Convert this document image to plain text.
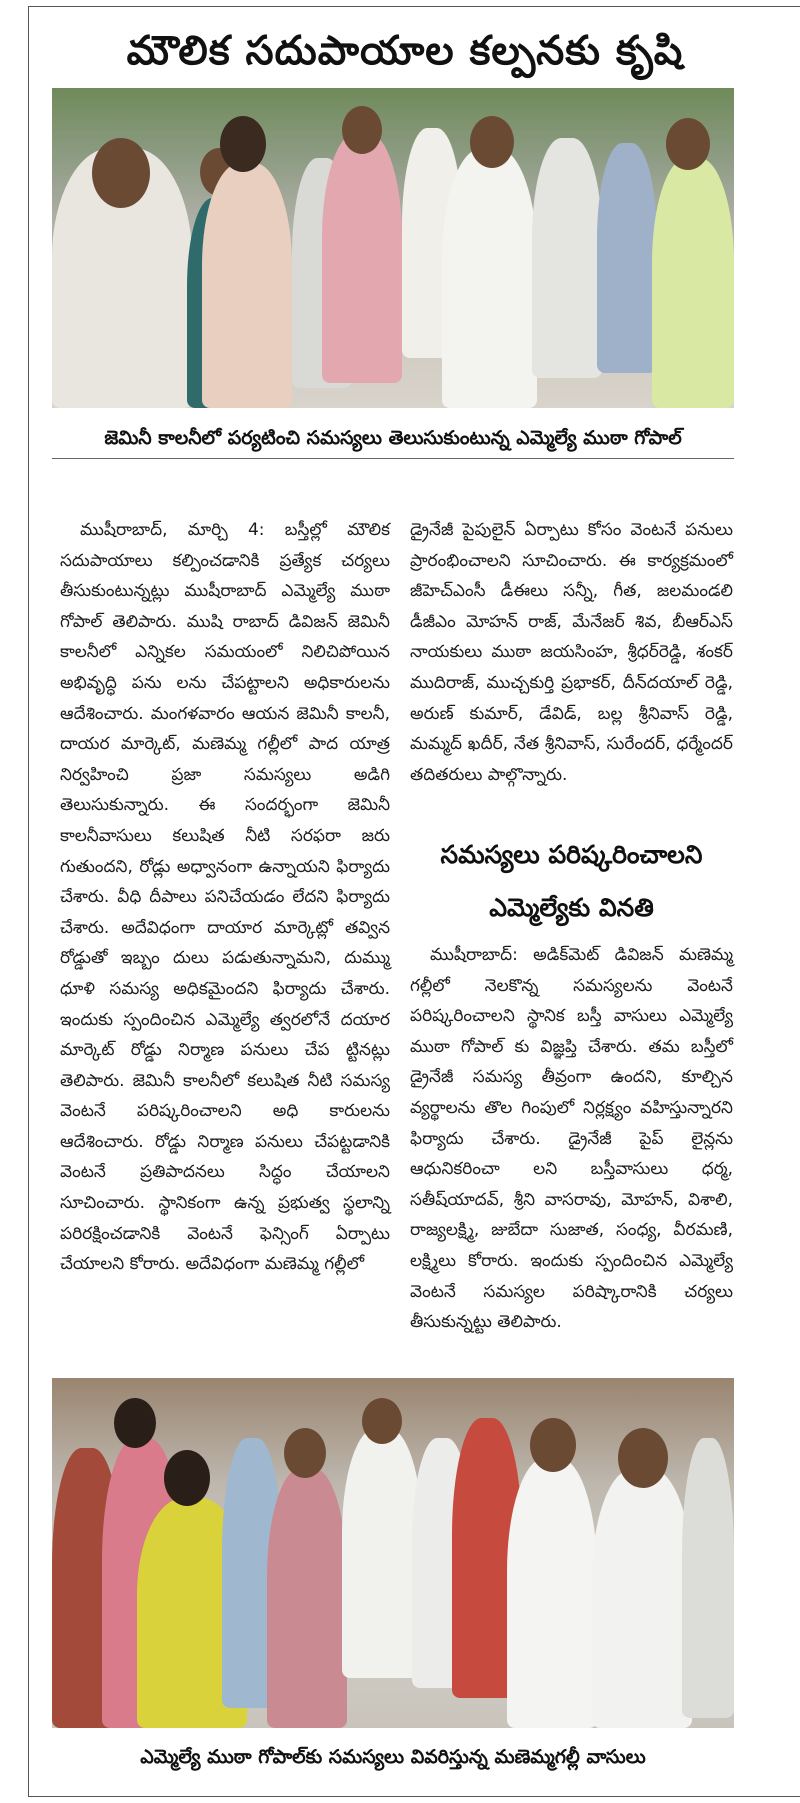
మౌలిక సదుపాయాల కల్పనకు కృషి
జెమినీ కాలనీలో పర్యటించి సమస్యలు తెలుసుకుంటున్న ఎమ్మెల్యే ముఠా గోపాల్

ముషీరాబాద్, మార్చి 4: బస్తీల్లో మౌలిక సదుపాయాలు కల్పించడానికి ప్రత్యేక చర్యలు తీసుకుంటున్నట్లు ముషీరాబాద్ ఎమ్మెల్యే ముఠా గోపాల్ తెలిపారు. ముషి రాబాద్ డివిజన్ జెమినీ కాలనీలో ఎన్నికల సమయంలో నిలిచిపోయిన అభివృద్ధి పను లను చేపట్టాలని అధికారులను ఆదేశించారు. మంగళవారం ఆయన జెమినీ కాలనీ, దాయర మార్కెట్, మణెమ్మ గల్లీలో పాద యాత్ర నిర్వహించి ప్రజా సమస్యలు అడిగి తెలుసుకున్నారు. ఈ సందర్భంగా జెమినీ కాలనీవాసులు కలుషిత నీటి సరఫరా జరు గుతుందని, రోడ్లు అధ్వానంగా ఉన్నాయని ఫిర్యాదు చేశారు. వీధి దీపాలు పనిచేయడం లేదని ఫిర్యాదు చేశారు. అదేవిధంగా దాయార మార్కెట్లో తవ్విన రోడ్డుతో ఇబ్బం దులు పడుతున్నామని, దుమ్ము ధూళి సమస్య అధికమైందని ఫిర్యాదు చేశారు. ఇందుకు స్పందించిన ఎమ్మెల్యే త్వరలోనే దయార మార్కెట్ రోడ్డు నిర్మాణ పనులు చేప ట్టినట్లు తెలిపారు. జెమినీ కాలనీలో కలుషిత నీటి సమస్య వెంటనే పరిష్కరించాలని అధి కారులను ఆదేశించారు. రోడ్డు నిర్మాణ పనులు చేపట్టడానికి వెంటనే ప్రతిపాదనలు సిద్ధం చేయాలని సూచించారు. స్థానికంగా ఉన్న ప్రభుత్వ స్థలాన్ని పరిరక్షించడానికి వెంటనే ఫెన్సింగ్ ఏర్పాటు చేయాలని కోరారు. అదేవిధంగా మణెమ్మ గల్లీలో

డ్రైనేజీ పైపులైన్ ఏర్పాటు కోసం వెంటనే పనులు ప్రారంభించాలని సూచించారు. ఈ కార్యక్రమంలో జీహెచ్ఎంసీ డీఈలు సన్నీ, గీత, జలమండలి డీజీఎం మోహన్ రాజ్, మేనేజర్ శివ, బీఆర్ఎస్ నాయకులు ముఠా జయసింహ, శ్రీధర్‌రెడ్డి, శంకర్ ముదిరాజ్, ముచ్చకుర్తి ప్రభాకర్, దీన్‌దయాల్ రెడ్డి, అరుణ్ కుమార్, డేవిడ్, బల్ల శ్రీనివాస్ రెడ్డి, మమ్మద్ ఖదీర్, నేత శ్రీనివాస్, సురేందర్, ధర్మేందర్ తదితరులు పాల్గొన్నారు.

సమస్యలు పరిష్కరించాలని
ఎమ్మెల్యేకు వినతి

ముషీరాబాద్: అడిక్‌మెట్ డివిజన్ మణెమ్మ గల్లీలో నెలకొన్న సమస్యలను వెంటనే పరిష్కరించాలని స్థానిక బస్తీ వాసులు ఎమ్మెల్యే ముఠా గోపాల్ కు విజ్ఞప్తి చేశారు. తమ బస్తీలో డ్రైనేజీ సమస్య తీవ్రంగా ఉందని, కూల్చిన వ్యర్థాలను తొల గింపులో నిర్లక్ష్యం వహిస్తున్నారని ఫిర్యాదు చేశారు. డ్రైనేజీ పైప్ లైన్లను ఆధునికరించా లని బస్తీవాసులు ధర్మ, సతీష్‌యాదవ్, శ్రీని వాసరావు, మోహన్, విశాలి, రాజ్యలక్ష్మి, జుబేదా సుజాత, సంధ్య, వీరమణి, లక్ష్మిలు కోరారు. ఇందుకు స్పందించిన ఎమ్మెల్యే వెంటనే సమస్యల పరిష్కారానికి చర్యలు తీసుకున్నట్టు తెలిపారు.

ఎమ్మెల్యే ముఠా గోపాల్‌కు సమస్యలు వివరిస్తున్న మణెమ్మగల్లీ వాసులు
